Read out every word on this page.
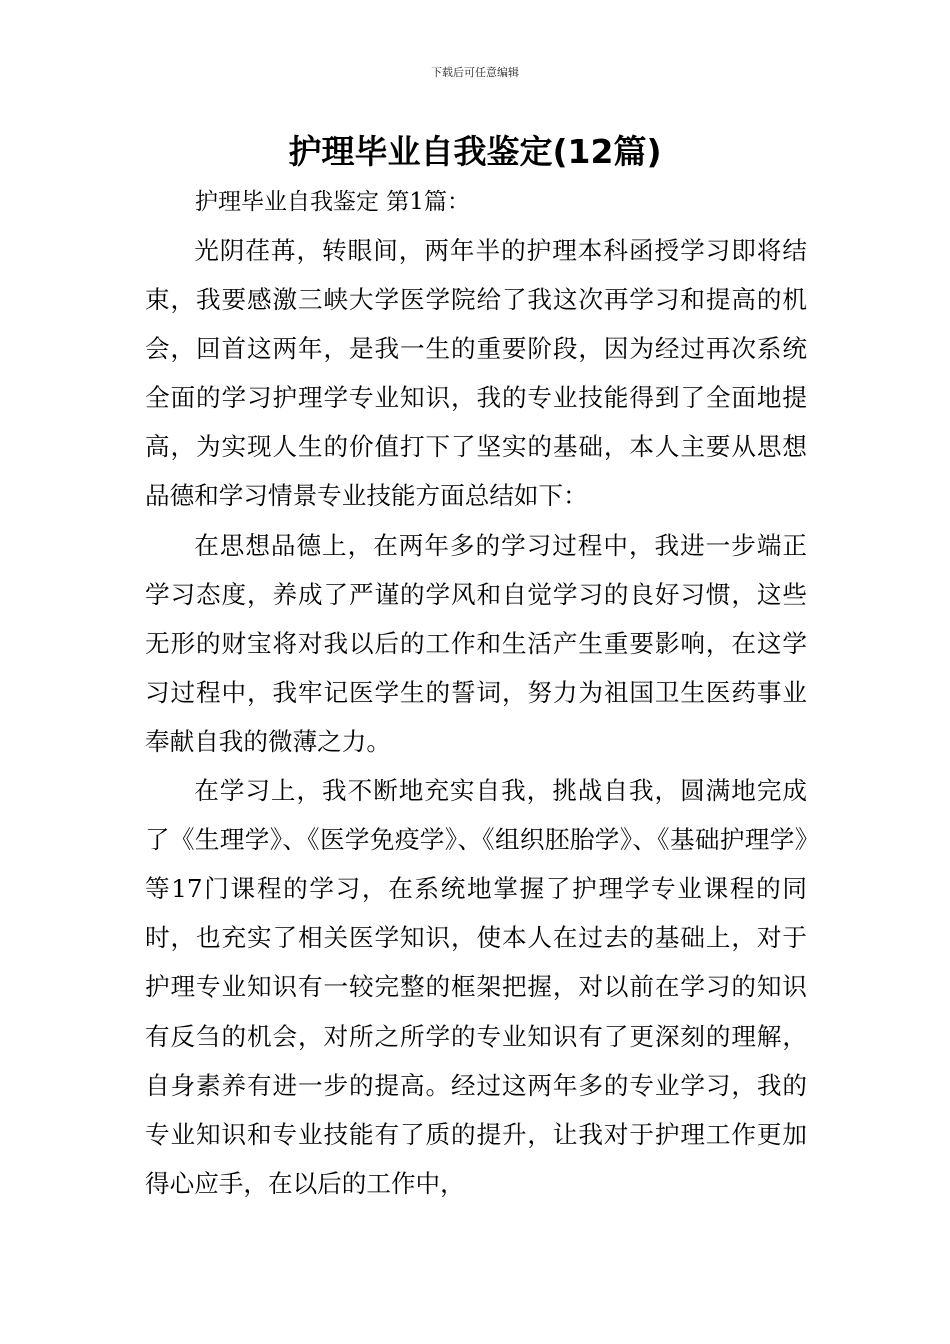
下载后可任意编辑
护理毕业自我鉴定(12篇)
护理毕业自我鉴定 第1篇：

光阴荏苒，转眼间，两年半的护理本科函授学习即将结束，我要感激三峡大学医学院给了我这次再学习和提高的机会，回首这两年，是我一生的重要阶段，因为经过再次系统全面的学习护理学专业知识，我的专业技能得到了全面地提高，为实现人生的价值打下了坚实的基础，本人主要从思想品德和学习情景专业技能方面总结如下：

在思想品德上，在两年多的学习过程中，我进一步端正学习态度，养成了严谨的学风和自觉学习的良好习惯，这些无形的财宝将对我以后的工作和生活产生重要影响，在这学习过程中，我牢记医学生的誓词，努力为祖国卫生医药事业奉献自我的微薄之力。

在学习上，我不断地充实自我，挑战自我，圆满地完成了《生理学》、《医学免疫学》、《组织胚胎学》、《基础护理学》等17门课程的学习，在系统地掌握了护理学专业课程的同时，也充实了相关医学知识，使本人在过去的基础上，对于护理专业知识有一较完整的框架把握，对以前在学习的知识有反刍的机会，对所之所学的专业知识有了更深刻的理解，自身素养有进一步的提高。经过这两年多的专业学习，我的专业知识和专业技能有了质的提升，让我对于护理工作更加得心应手，在以后的工作中，
